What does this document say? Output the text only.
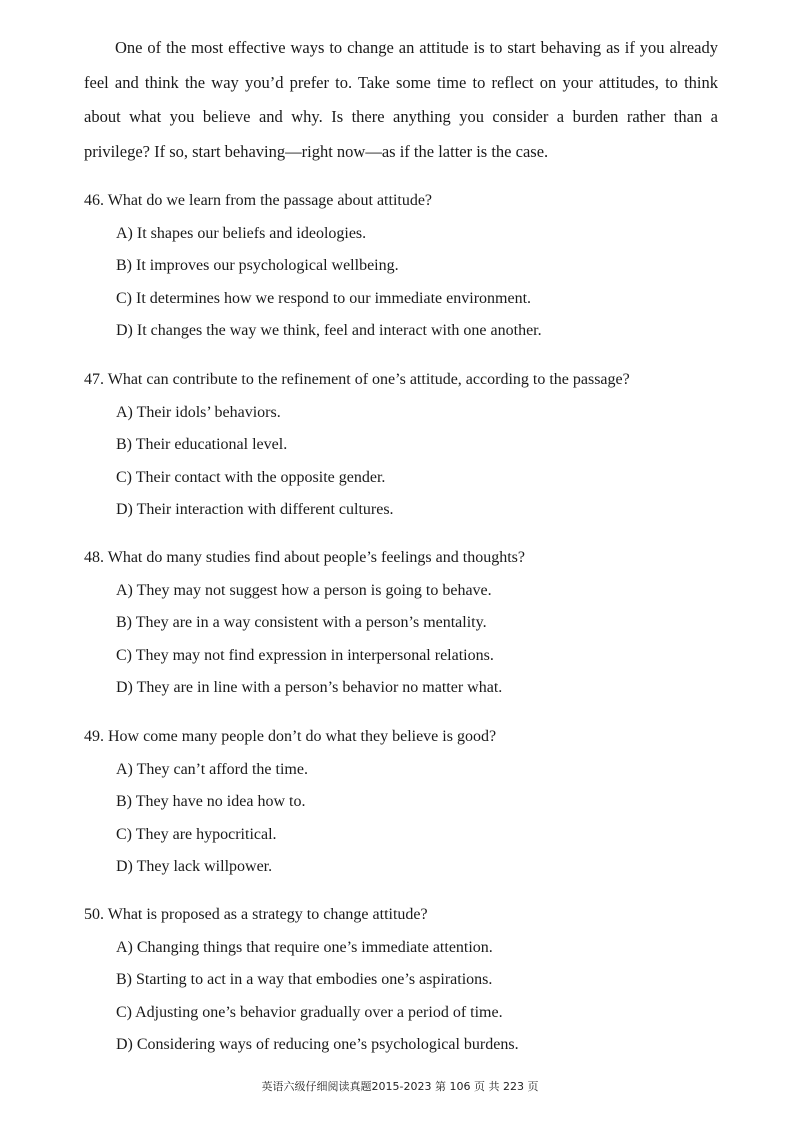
One of the most effective ways to change an attitude is to start behaving as if you already feel and think the way you’d prefer to. Take some time to reflect on your attitudes, to think about what you believe and why. Is there anything you consider a burden rather than a privilege? If so, start behaving—right now—as if the latter is the case.

46. What do we learn from the passage about attitude?

A) It shapes our beliefs and ideologies.

B) It improves our psychological wellbeing.

C) It determines how we respond to our immediate environment.

D) It changes the way we think, feel and interact with one another.

47. What can contribute to the refinement of one’s attitude, according to the passage?

A) Their idols’ behaviors.

B) Their educational level.

C) Their contact with the opposite gender.

D) Their interaction with different cultures.

48. What do many studies find about people’s feelings and thoughts?

A) They may not suggest how a person is going to behave.

B) They are in a way consistent with a person’s mentality.

C) They may not find expression in interpersonal relations.

D) They are in line with a person’s behavior no matter what.

49. How come many people don’t do what they believe is good?

A) They can’t afford the time.

B) They have no idea how to.

C) They are hypocritical.

D) They lack willpower.

50. What is proposed as a strategy to change attitude?

A) Changing things that require one’s immediate attention.

B) Starting to act in a way that embodies one’s aspirations.

C) Adjusting one’s behavior gradually over a period of time.

D) Considering ways of reducing one’s psychological burdens.

英语六级仔细阅读真题2015-2023 第 106 页 共 223 页
